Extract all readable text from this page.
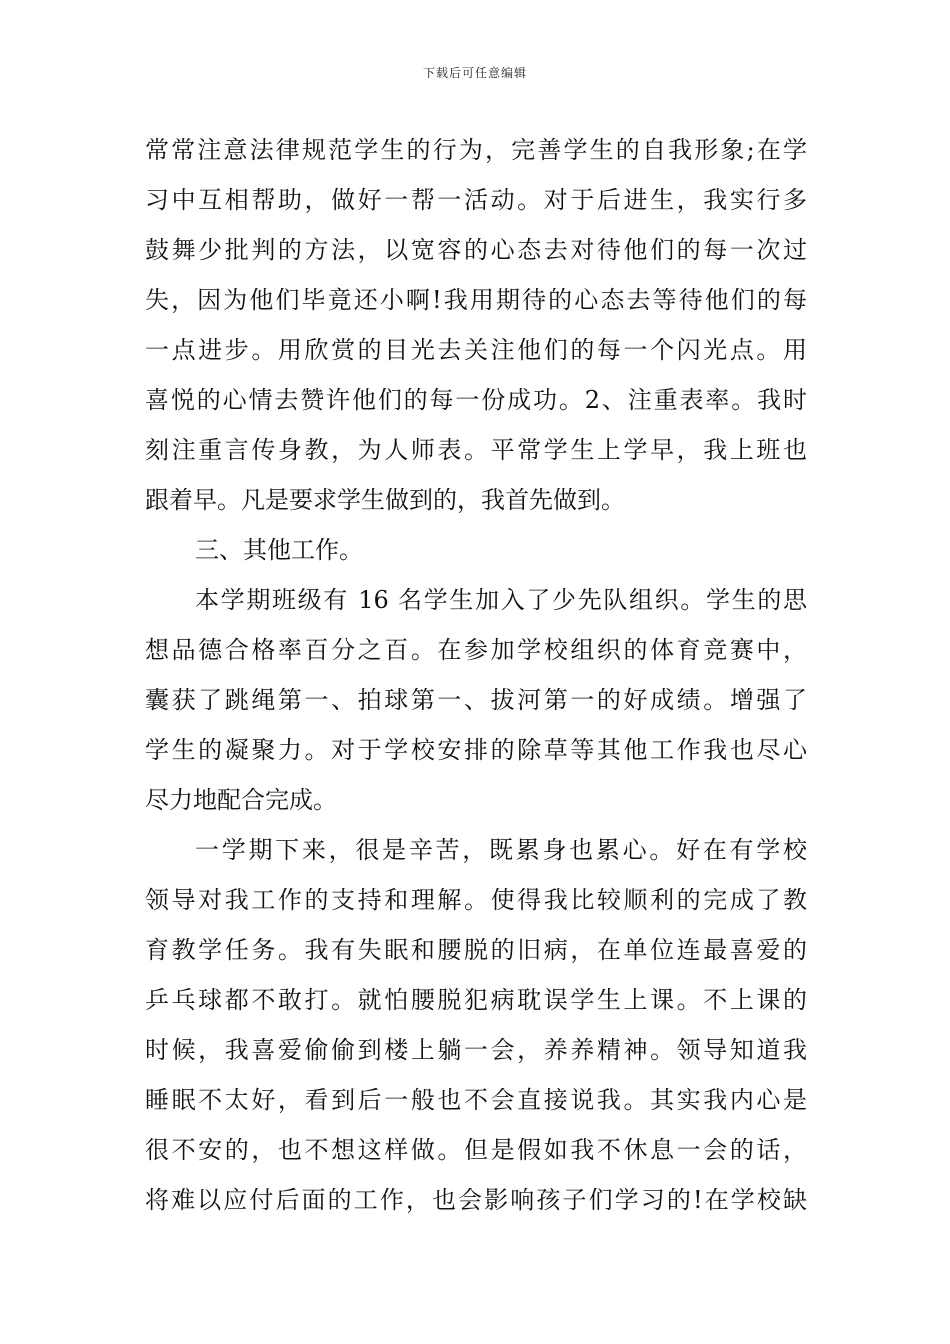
下载后可任意编辑
常常注意法律规范学生的行为，完善学生的自我形象;在学
习中互相帮助，做好一帮一活动。对于后进生，我实行多
鼓舞少批判的方法，以宽容的心态去对待他们的每一次过
失，因为他们毕竟还小啊!我用期待的心态去等待他们的每
一点进步。用欣赏的目光去关注他们的每一个闪光点。用
喜悦的心情去赞许他们的每一份成功。2、注重表率。我时
刻注重言传身教，为人师表。平常学生上学早，我上班也
跟着早。凡是要求学生做到的，我首先做到。
三、其他工作。
本学期班级有 16 名学生加入了少先队组织。学生的思
想品德合格率百分之百。在参加学校组织的体育竞赛中，
囊获了跳绳第一、拍球第一、拔河第一的好成绩。增强了
学生的凝聚力。对于学校安排的除草等其他工作我也尽心
尽力地配合完成。
一学期下来，很是辛苦，既累身也累心。好在有学校
领导对我工作的支持和理解。使得我比较顺利的完成了教
育教学任务。我有失眠和腰脱的旧病，在单位连最喜爱的
乒乓球都不敢打。就怕腰脱犯病耽误学生上课。不上课的
时候，我喜爱偷偷到楼上躺一会，养养精神。领导知道我
睡眠不太好，看到后一般也不会直接说我。其实我内心是
很不安的，也不想这样做。但是假如我不休息一会的话，
将难以应付后面的工作，也会影响孩子们学习的!在学校缺
